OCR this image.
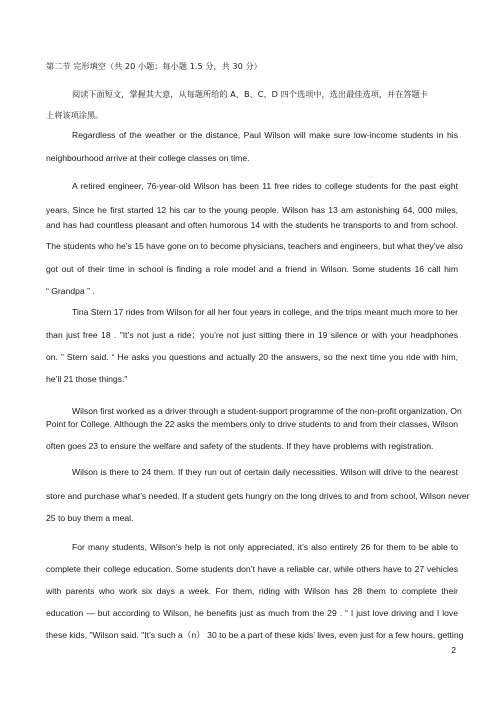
第二节 完形填空（共 20 小题；每小题 1.5 分，共 30 分）
阅读下面短文，掌握其大意，从每题所给的 A、B、C、D 四个选项中，选出最佳选项，并在答题卡
上将该项涂黑。
Regardless of the weather or the distance, Paul Wilson will make sure low-income students in his
neighbourhood arrive at their college classes on time.
A retired engineer, 76-year-old Wilson has been 11 free rides to college students for the past eight
years. Since he first started 12 his car to the young people. Wilson has 13 am astonishing 64, 000 miles,
and has had countless pleasant and often humorous 14 with the students he transports to and from school.
The students who he’s 15 have gone on to become physicians, teachers and engineers, but what they’ve also
got out of their time in school is finding a role model and a friend in Wilson. Some students 16 call him
“ Grandpa ” .
Tina Stern 17 rides from Wilson for all her four years in college, and the trips meant much more to her
than just free 18 . "It’s not just a ride；you’re not just sitting there in 19 silence or with your headphones
on. ” Stern said. “ He asks you questions and actually 20 the answers, so the next time you ride with him,
he’ll 21 those things."
Wilson first worked as a driver through a student-support programme of the non-profit organization, On
Point for College. Although the 22 asks the members only to drive students to and from their classes, Wilson
often goes 23 to ensure the welfare and safety of the students. If they have problems with registration.
Wilson is there to 24 them. If they run out of certain daily necessities. Wilson will drive to the nearest
store and purchase what’s needed. If a student gets hungry on the long drives to and from school, Wilson never
25 to buy them a meal.
For many students, Wilson’s help is not only appreciated, it’s also entirely 26 for them to be able to
complete their college education. Some students don’t have a reliable car, while others have to 27 vehicles
with parents who work six days a week. For them, riding with Wilson has 28 them to complete their
education — but according to Wilson, he benefits just as much from the 29 . “ I just love driving and I love
these kids, "Wilson said. "It’s such a（n） 30 to be a part of these kids’ lives, even just for a few hours, getting
2
